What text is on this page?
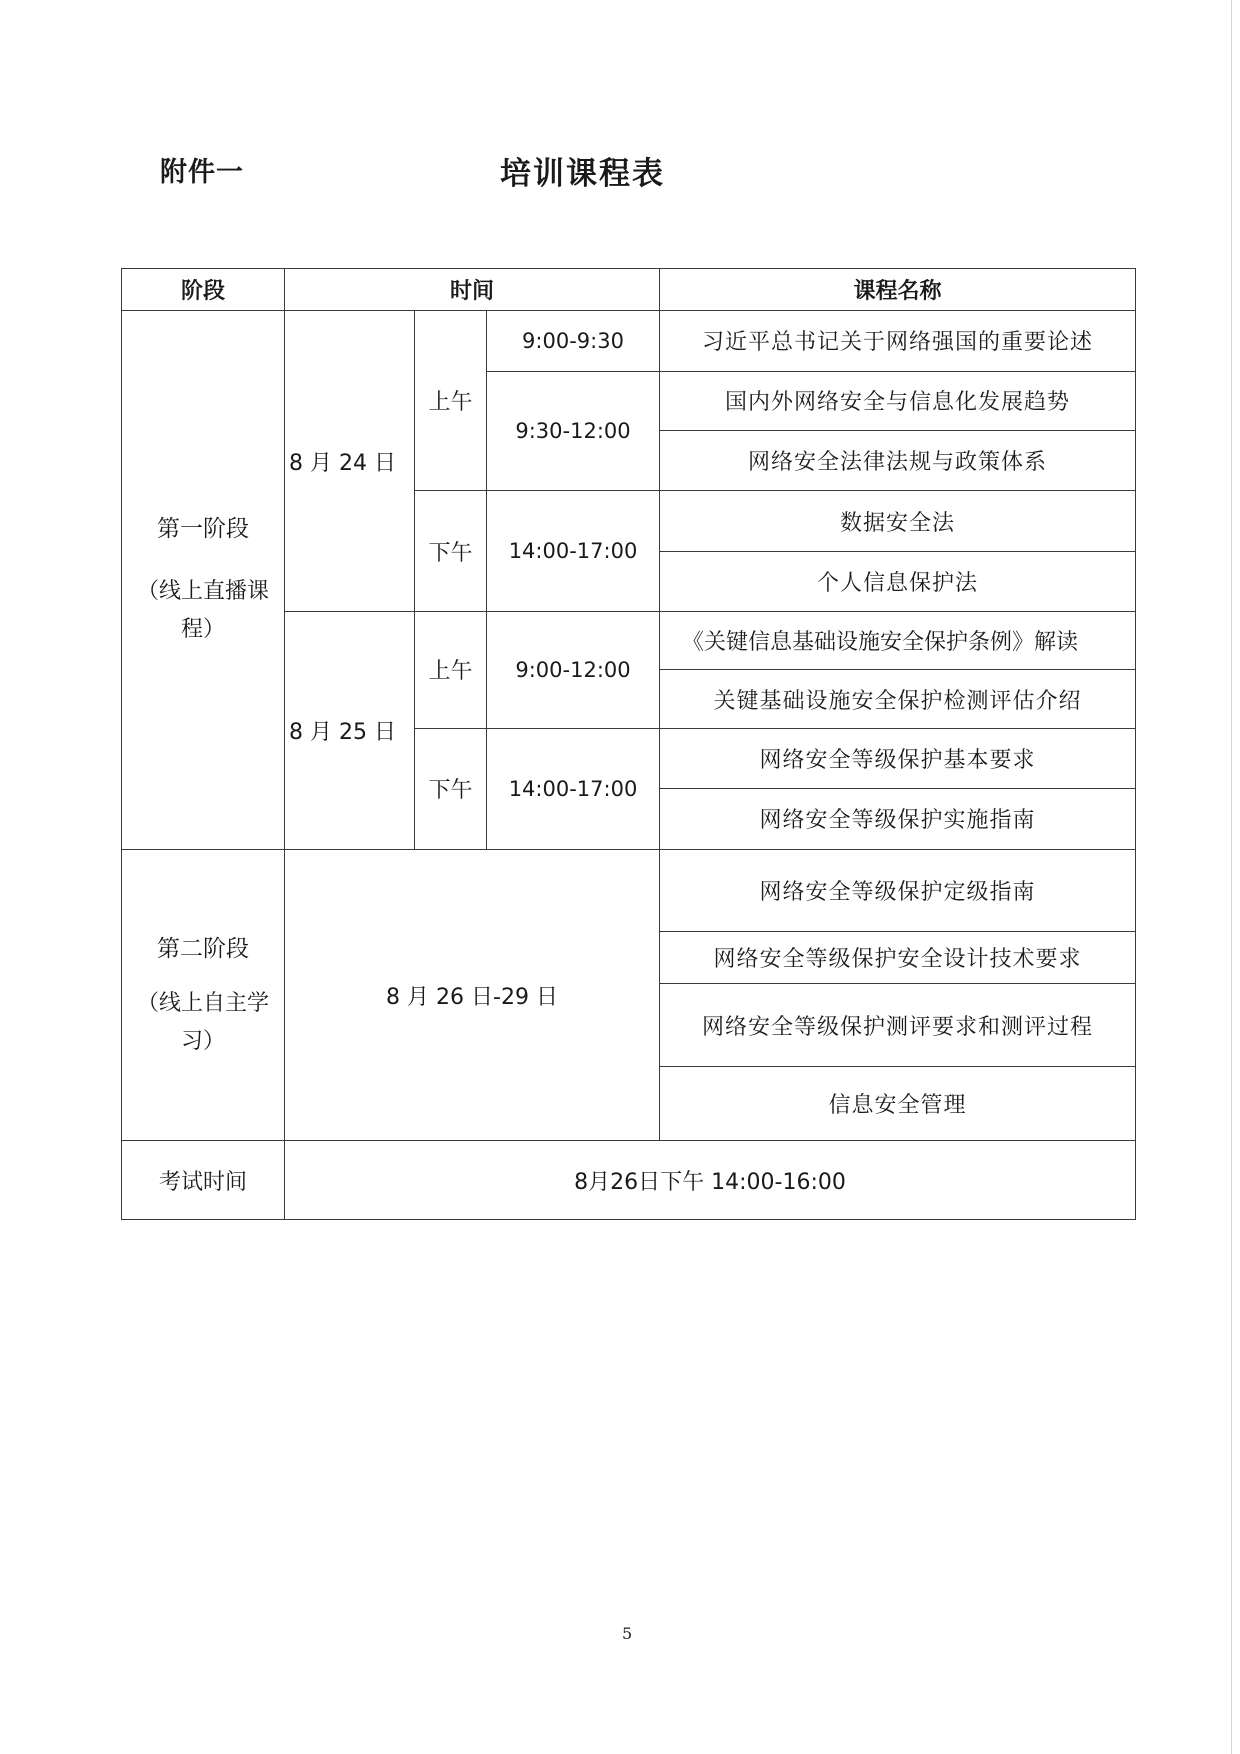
附件一	培训课程表
阶段	时间			课程名称

第一阶段
（线上直播课程）	8 月 24 日	上午	9:00-9:30	习近平总书记关于网络强国的重要论述
			9:30-12:00	国内外网络安全与信息化发展趋势
				网络安全法律法规与政策体系
		下午	14:00-17:00	数据安全法
				个人信息保护法
	8 月 25 日	上午	9:00-12:00	《关键信息基础设施安全保护条例》解读
				关键基础设施安全保护检测评估介绍
		下午	14:00-17:00	网络安全等级保护基本要求
				网络安全等级保护实施指南

第二阶段
（线上自主学习）	8 月 26 日-29 日			网络安全等级保护定级指南
				网络安全等级保护安全设计技术要求
				网络安全等级保护测评要求和测评过程
				信息安全管理
考试时间	8月26日下午 14:00-16:00			
5
